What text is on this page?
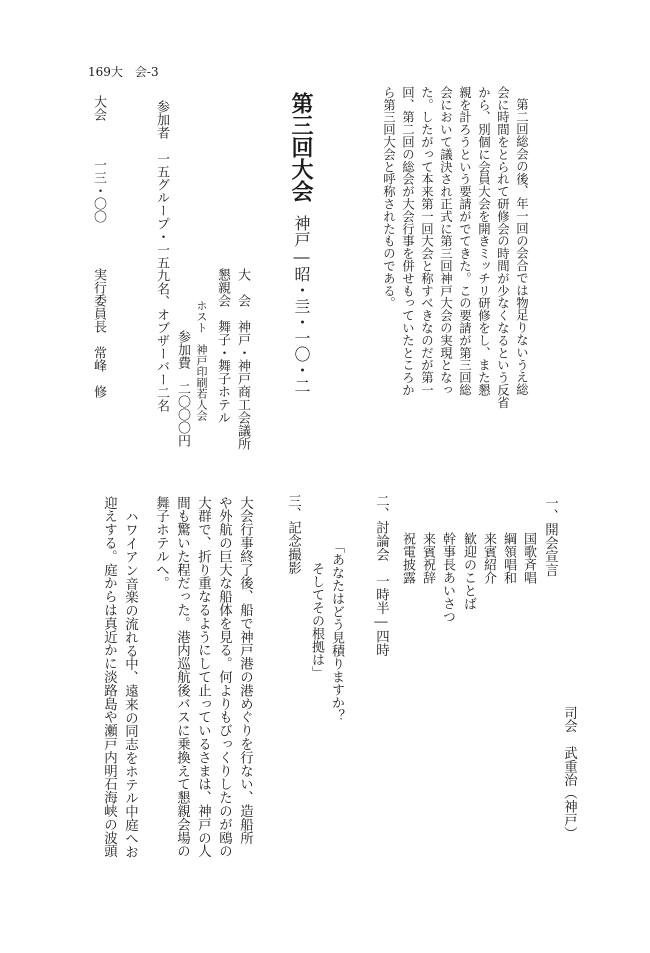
169大　会-3
第二回総会の後、年一回の会合では物足りないうえ総
会に時間をとられて研修会の時間が少なくなるという反省
から、別個に会員大会を開きミッチリ研修をし、また懇
親を計ろうという要請がでてきた。この要請が第三回総
会において議決され正式に第三回神戸大会の実現となっ
た。したがって本来第一回大会と称すべきなのだが第一
回、第二回の総会が大会行事を併せもっていたところか
ら第三回大会と呼称されたものである。
第三回大会
神戸―昭・亖・一〇・二
大　会　神戸・神戸商工会議所
懇親会　舞子・舞子ホテル
ホスト　神戸印刷若人会
参加費　二〇〇〇円
参加者　一五グループ・一五九名、オブザーバー二名
大会
一三・〇〇
実行委員長　常峰　修
一、開会宣言
国歌斉唱
綱領唱和
来賓紹介
歓迎のことば
幹事長あいさつ
来賓祝辞
祝電披露
司会　武重治（神戸）
二、討論会　一時半―四時
「あなたはどう見積りますか？
そしてその根拠は」
三、記念撮影
大会行事終了後、船で神戸港の港めぐりを行ない、造船所
や外航の巨大な船体を見る。何よりもびっくりしたのが鴎の
大群で、折り重なるようにして止っているさまは、神戸の人
間も驚いた程だった。港内巡航後バスに乗換えて懇親会場の
舞子ホテルへ。
ハワイアン音楽の流れる中、遠来の同志をホテル中庭へお
迎えする。庭からは真近かに淡路島や瀬戸内明石海峡の波頭
